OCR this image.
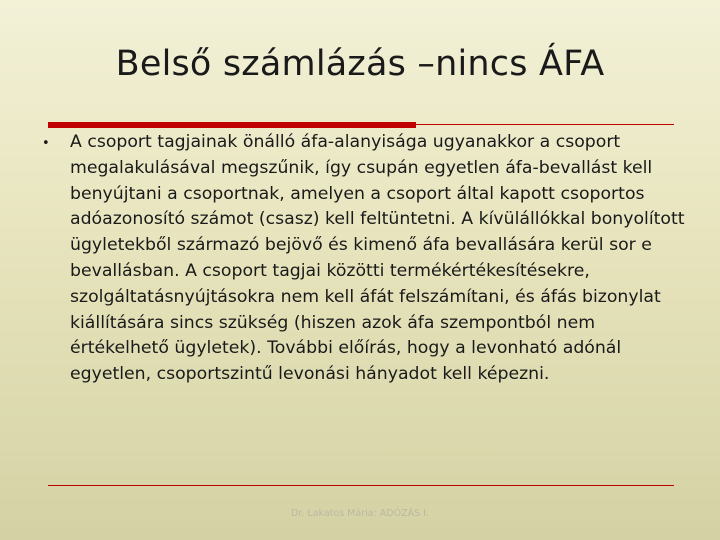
Belső számlázás –nincs ÁFA
• A csoport tagjainak önálló áfa-alanyisága ugyanakkor a csoport megalakulásával megszűnik, így csupán egyetlen áfa-bevallást kell benyújtani a csoportnak, amelyen a csoport által kapott csoportos adóazonosító számot (csasz) kell feltüntetni. A kívülállókkal bonyolított ügyletekből származó bejövő és kimenő áfa bevallására kerül sor e bevallásban. A csoport tagjai közötti termékértékesítésekre, szolgáltatásnyújtásokra nem kell áfát felszámítani, és áfás bizonylat kiállítására sincs szükség (hiszen azok áfa szempontból nem értékelhető ügyletek). További előírás, hogy a levonható adónál egyetlen, csoportszintű levonási hányadot kell képezni.

Dr. Lakatos Mária: ADÓZÁS I.
